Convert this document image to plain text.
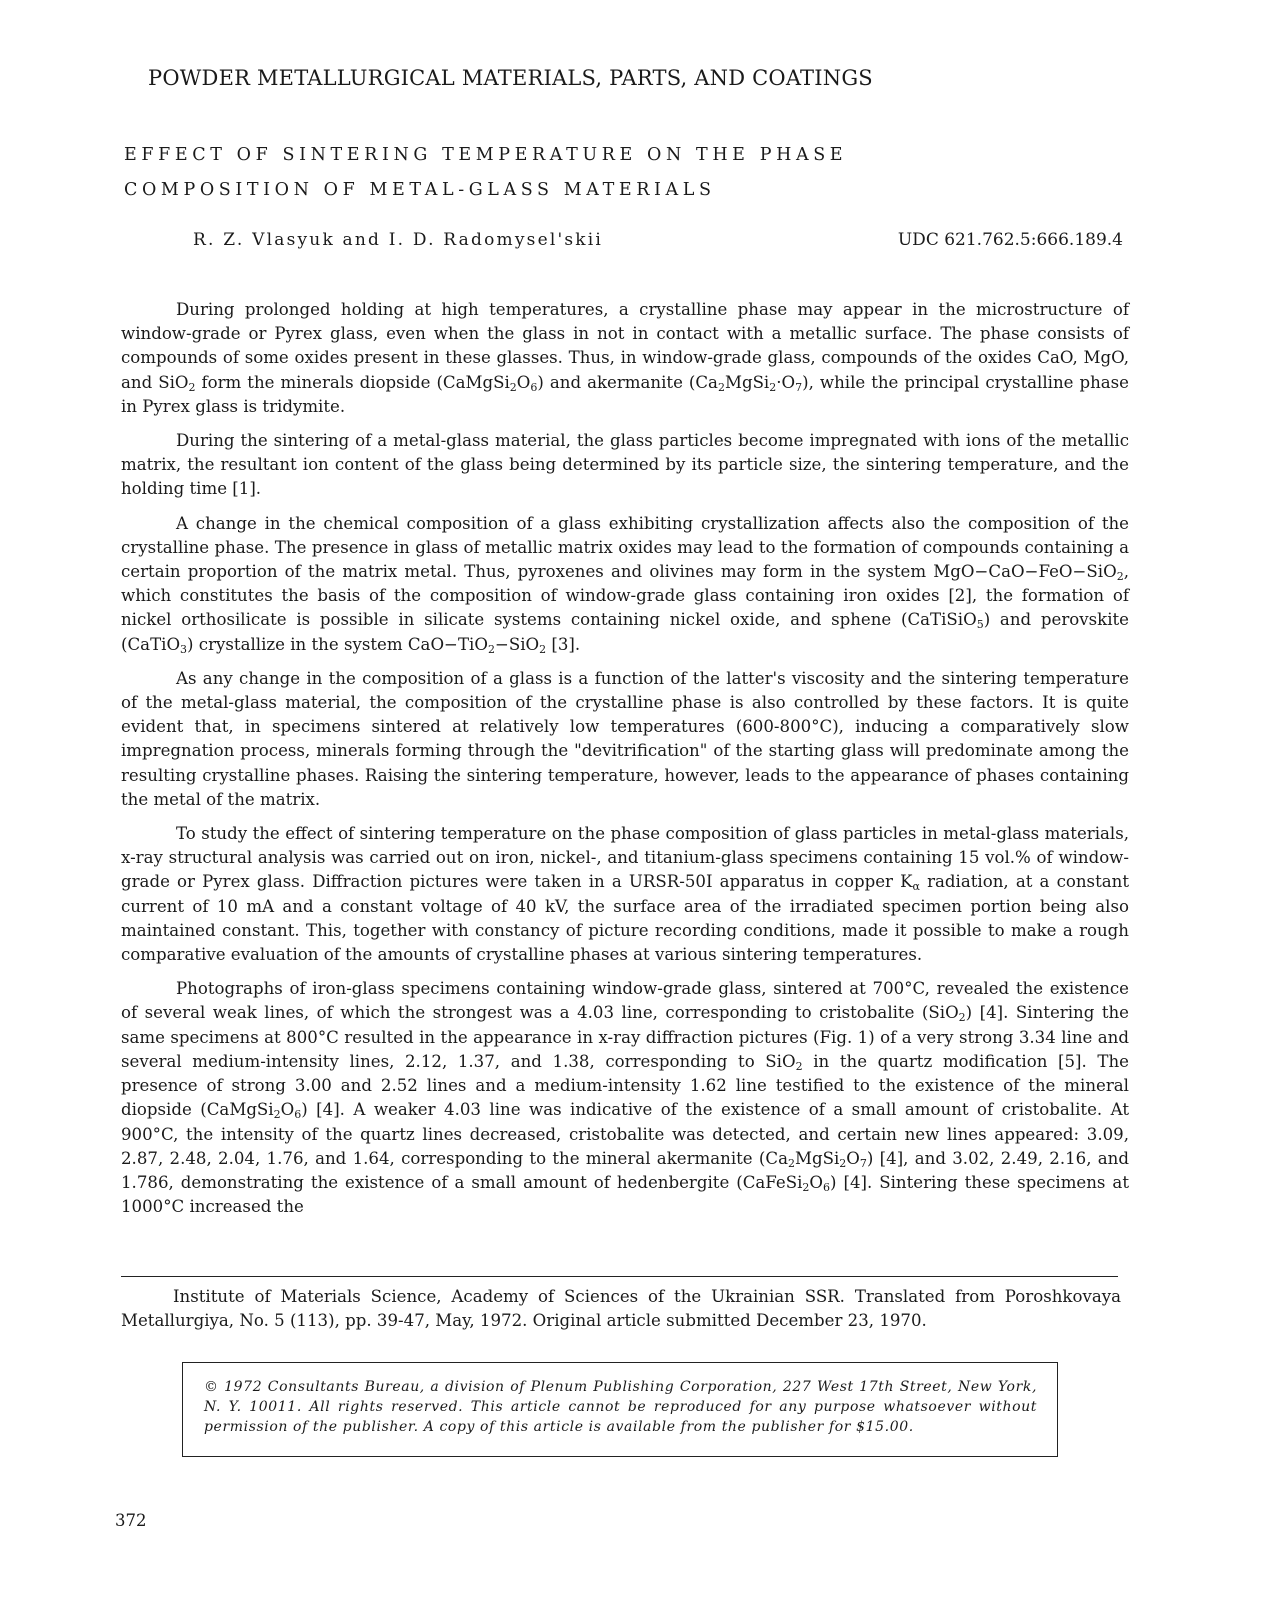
POWDER METALLURGICAL MATERIALS, PARTS, AND COATINGS
EFFECT OF SINTERING TEMPERATURE ON THE PHASE
COMPOSITION OF METAL-GLASS MATERIALS
R. Z. Vlasyuk and I. D. Radomysel'skii	UDC 621.762.5:666.189.4

During prolonged holding at high temperatures, a crystalline phase may appear in the microstructure of window-grade or Pyrex glass, even when the glass in not in contact with a metallic surface. The phase consists of compounds of some oxides present in these glasses. Thus, in window-grade glass, compounds of the oxides CaO, MgO, and SiO$_2$ form the minerals diopside $(CaMgSi_2O_6)$ and akermanite $(Ca_2MgSi_2\cdot O_7)$, while the principal crystalline phase in Pyrex glass is tridymite.

During the sintering of a metal-glass material, the glass particles become impregnated with ions of the metallic matrix, the resultant ion content of the glass being determined by its particle size, the sintering temperature, and the holding time [1].

A change in the chemical composition of a glass exhibiting crystallization affects also the composition of the crystalline phase. The presence in glass of metallic matrix oxides may lead to the formation of compounds containing a certain proportion of the matrix metal. Thus, pyroxenes and olivines may form in the system MgO−CaO−FeO−SiO$_2$, which constitutes the basis of the composition of window-grade glass containing iron oxides [2], the formation of nickel orthosilicate is possible in silicate systems containing nickel oxide, and sphene (CaTiSiO$_5$) and perovskite (CaTiO$_3$) crystallize in the system CaO−TiO$_2$−SiO$_2$ [3].

As any change in the composition of a glass is a function of the latter's viscosity and the sintering temperature of the metal-glass material, the composition of the crystalline phase is also controlled by these factors. It is quite evident that, in specimens sintered at relatively low temperatures (600-800°C), inducing a comparatively slow impregnation process, minerals forming through the "devitrification" of the starting glass will predominate among the resulting crystalline phases. Raising the sintering temperature, however, leads to the appearance of phases containing the metal of the matrix.

To study the effect of sintering temperature on the phase composition of glass particles in metal-glass materials, x-ray structural analysis was carried out on iron, nickel-, and titanium-glass specimens containing 15 vol.% of window-grade or Pyrex glass. Diffraction pictures were taken in a URSR-50I apparatus in copper $K_\alpha$ radiation, at a constant current of 10 mA and a constant voltage of 40 kV, the surface area of the irradiated specimen portion being also maintained constant. This, together with constancy of picture recording conditions, made it possible to make a rough comparative evaluation of the amounts of crystalline phases at various sintering temperatures.

Photographs of iron-glass specimens containing window-grade glass, sintered at 700°C, revealed the existence of several weak lines, of which the strongest was a 4.03 line, corresponding to cristobalite (SiO$_2$) [4]. Sintering the same specimens at 800°C resulted in the appearance in x-ray diffraction pictures (Fig. 1) of a very strong 3.34 line and several medium-intensity lines, 2.12, 1.37, and 1.38, corresponding to SiO$_2$ in the quartz modification [5]. The presence of strong 3.00 and 2.52 lines and a medium-intensity 1.62 line testified to the existence of the mineral diopside $(CaMgSi_2O_6)$ [4]. A weaker 4.03 line was indicative of the existence of a small amount of cristobalite. At 900°C, the intensity of the quartz lines decreased, cristobalite was detected, and certain new lines appeared: 3.09, 2.87, 2.48, 2.04, 1.76, and 1.64, corresponding to the mineral akermanite $(Ca_2MgSi_2O_7)$ [4], and 3.02, 2.49, 2.16, and 1.786, demonstrating the existence of a small amount of hedenbergite $(CaFeSi_2O_6)$ [4]. Sintering these specimens at 1000°C increased the

Institute of Materials Science, Academy of Sciences of the Ukrainian SSR. Translated from Poroshkovaya Metallurgiya, No. 5 (113), pp. 39-47, May, 1972. Original article submitted December 23, 1970.

© 1972 Consultants Bureau, a division of Plenum Publishing Corporation, 227 West 17th Street, New York, N. Y. 10011. All rights reserved. This article cannot be reproduced for any purpose whatsoever without permission of the publisher. A copy of this article is available from the publisher for $15.00.
372
